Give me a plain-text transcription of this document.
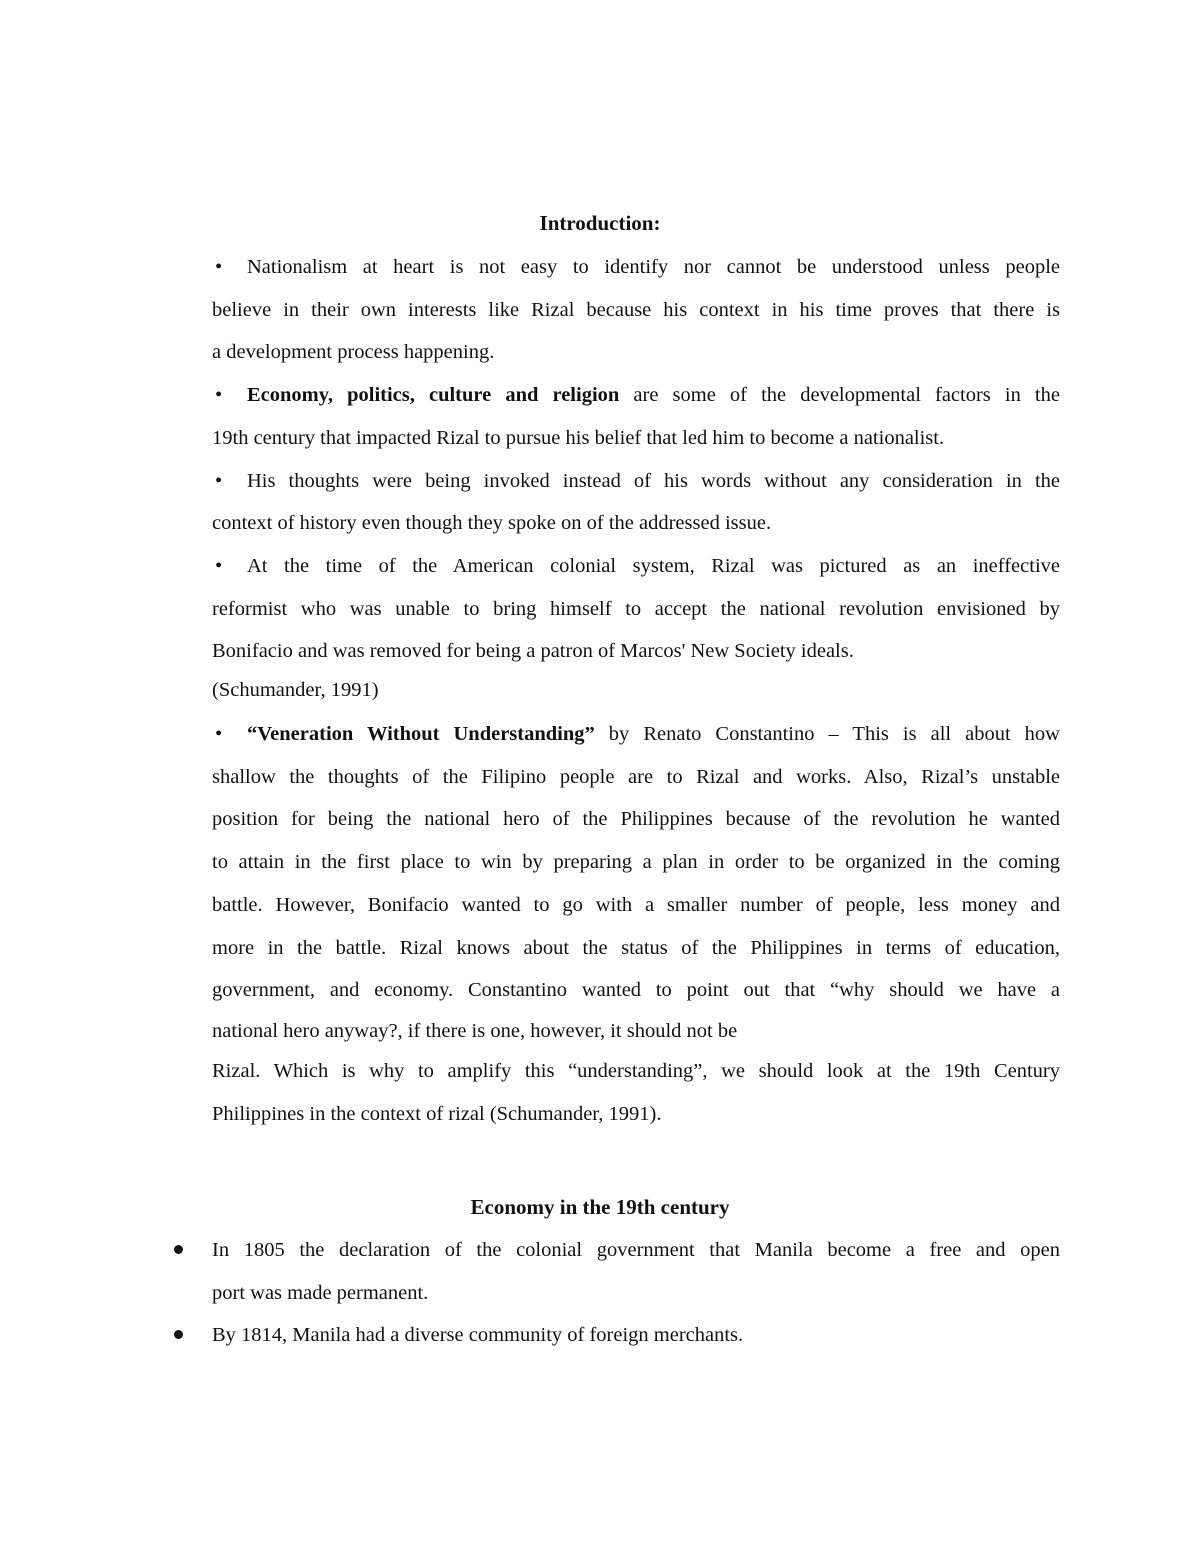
Introduction:
•Nationalism at heart is not easy to identify nor cannot be understood unless people
believe in their own interests like Rizal because his context in his time proves that there is
a development process happening.
•Economy, politics, culture and religion are some of the developmental factors in the
19th century that impacted Rizal to pursue his belief that led him to become a nationalist.
•His thoughts were being invoked instead of his words without any consideration in the
context of history even though they spoke on of the addressed issue.
•At the time of the American colonial system, Rizal was pictured as an ineffective
reformist who was unable to bring himself to accept the national revolution envisioned by
Bonifacio and was removed for being a patron of Marcos' New Society ideals.
(Schumander, 1991)
•“Veneration Without Understanding” by Renato Constantino – This is all about how
shallow the thoughts of the Filipino people are to Rizal and works. Also, Rizal’s unstable
position for being the national hero of the Philippines because of the revolution he wanted
to attain in the first place to win by preparing a plan in order to be organized in the coming
battle. However, Bonifacio wanted to go with a smaller number of people, less money and
more in the battle. Rizal knows about the status of the Philippines in terms of education,
government, and economy. Constantino wanted to point out that “why should we have a
national hero anyway?, if there is one, however, it should not be
Rizal. Which is why to amplify this “understanding”, we should look at the 19th Century
Philippines in the context of rizal (Schumander, 1991).
Economy in the 19th century
In 1805 the declaration of the colonial government that Manila become a free and open
port was made permanent.
By 1814, Manila had a diverse community of foreign merchants.
